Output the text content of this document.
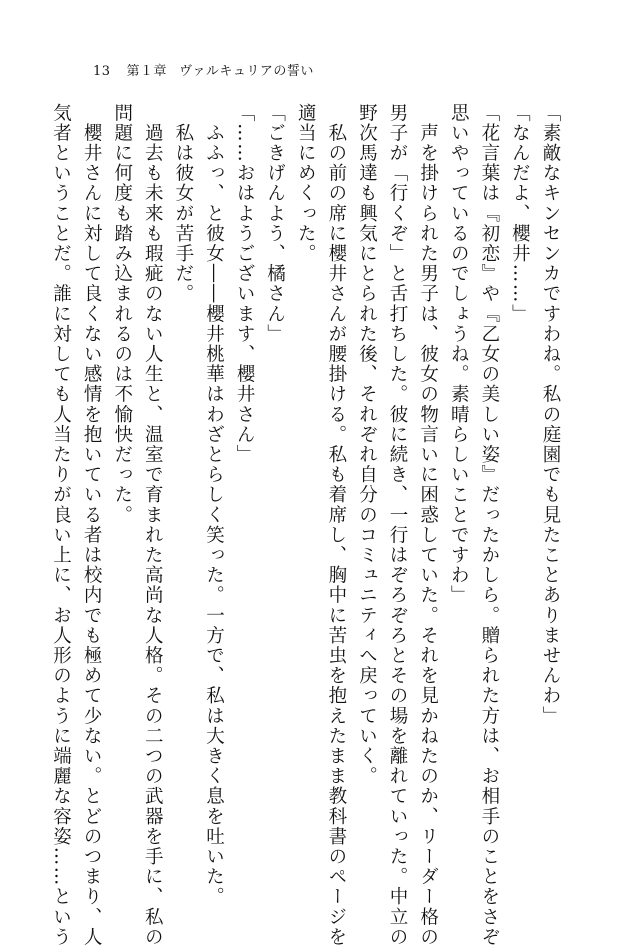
13 第１章 ヴァルキュリアの誓い
「素敵なキンセンカですわね。私の庭園でも見たことありませんわ」
「なんだよ、櫻井……」
「花言葉は『初恋』や『乙女の美しい姿』だったかしら。贈られた方は、お相手のことをさぞ
思いやっているのでしょうね。素晴らしいことですわ」
　声を掛けられた男子は、彼女の物言いに困惑していた。それを見かねたのか、リーダー格の
男子が「行くぞ」と舌打ちした。彼に続き、一行はぞろぞろとその場を離れていった。中立の
野次馬達も興気にとられた後、それぞれ自分のコミュニティへ戻っていく。
　私の前の席に櫻井さんが腰掛ける。私も着席し、胸中に苦虫を抱えたまま教科書のページを
適当にめくった。
「ごきげんよう、橘さん」
「……おはようございます、櫻井さん」
　ふふっ、と彼女――櫻井桃華はわざとらしく笑った。一方で、私は大きく息を吐いた。
　私は彼女が苦手だ。
　過去も未来も瑕疵のない人生と、温室で育まれた高尚な人格。その二つの武器を手に、私の
問題に何度も踏み込まれるのは不愉快だった。
　櫻井さんに対して良くない感情を抱いている者は校内でも極めて少ない。とどのつまり、人
気者ということだ。誰に対しても人当たりが良い上に、お人形のように端麗な容姿……という
